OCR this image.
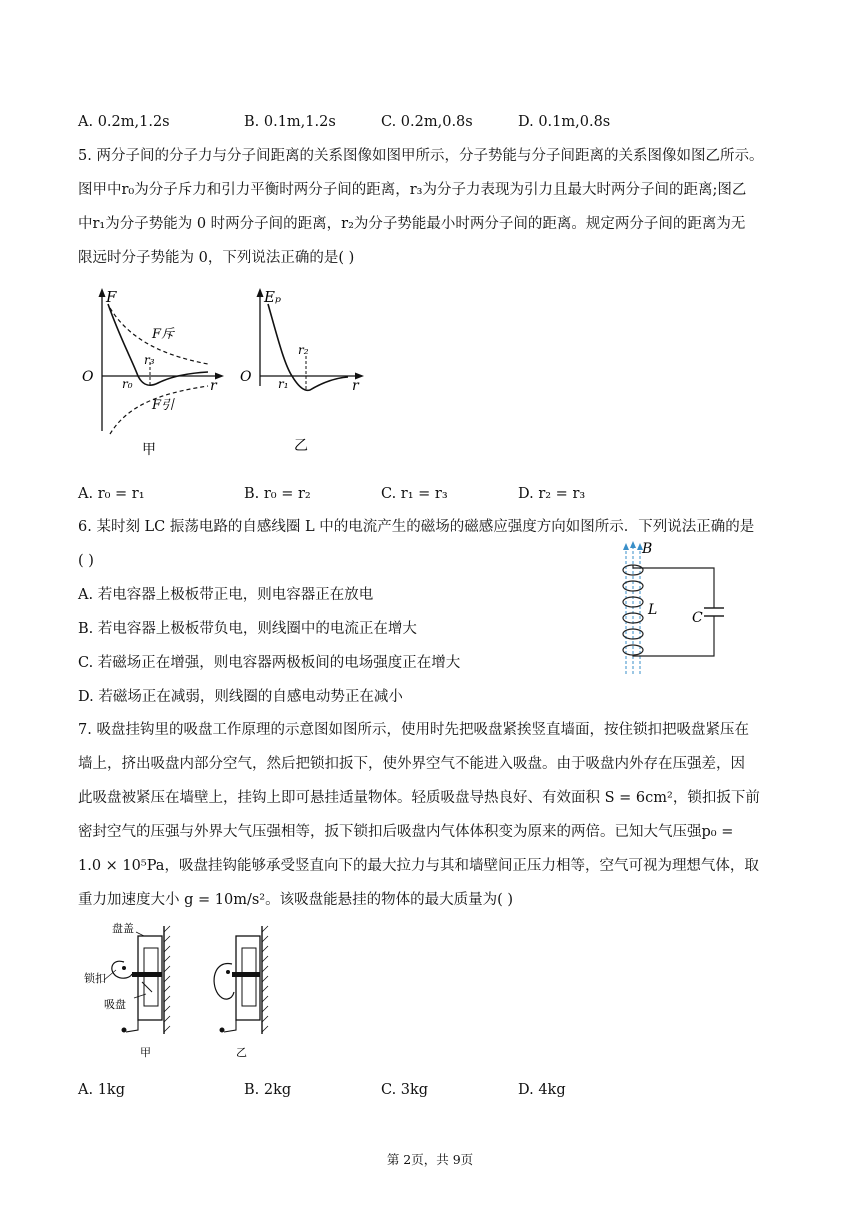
A. 0.2m,1.2s	B. 0.1m,1.2s	C. 0.2m,0.8s	D. 0.1m,0.8s
5. 两分子间的分子力与分子间距离的关系图像如图甲所示，分子势能与分子间距离的关系图像如图乙所示。
图甲中r₀为分子斥力和引力平衡时两分子间的距离，r₃为分子力表现为引力且最大时两分子间的距离;图乙
中r₁为分子势能为 0 时两分子间的距离，r₂为分子势能最小时两分子间的距离。规定两分子间的距离为无
限远时分子势能为 0，下列说法正确的是( )
F
F斥
r₃
O r₀	r
F引
甲
Eₚ
r₂
O r₁	r
乙
A. r₀ = r₁	B. r₀ = r₂	C. r₁ = r₃	D. r₂ = r₃
6. 某时刻 LC 振荡电路的自感线圈 L 中的电流产生的磁场的磁感应强度方向如图所示．下列说法正确的是
( )
A. 若电容器上极板带正电，则电容器正在放电
B. 若电容器上极板带负电，则线圈中的电流正在增大
C. 若磁场正在增强，则电容器两极板间的电场强度正在增大
D. 若磁场正在减弱，则线圈的自感电动势正在减小
B
L C
7. 吸盘挂钩里的吸盘工作原理的示意图如图所示，使用时先把吸盘紧挨竖直墙面，按住锁扣把吸盘紧压在
墙上，挤出吸盘内部分空气，然后把锁扣扳下，使外界空气不能进入吸盘。由于吸盘内外存在压强差，因
此吸盘被紧压在墙壁上，挂钩上即可悬挂适量物体。轻质吸盘导热良好、有效面积 S = 6cm²，锁扣扳下前
密封空气的压强与外界大气压强相等，扳下锁扣后吸盘内气体体积变为原来的两倍。已知大气压强p₀ =
1.0 × 10⁵Pa，吸盘挂钩能够承受竖直向下的最大拉力与其和墙壁间正压力相等，空气可视为理想气体，取
重力加速度大小 g = 10m/s²。该吸盘能悬挂的物体的最大质量为( )
盘盖
锁扣
吸盘
甲	乙
A. 1kg	B. 2kg	C. 3kg	D. 4kg
第 2页，共 9页
